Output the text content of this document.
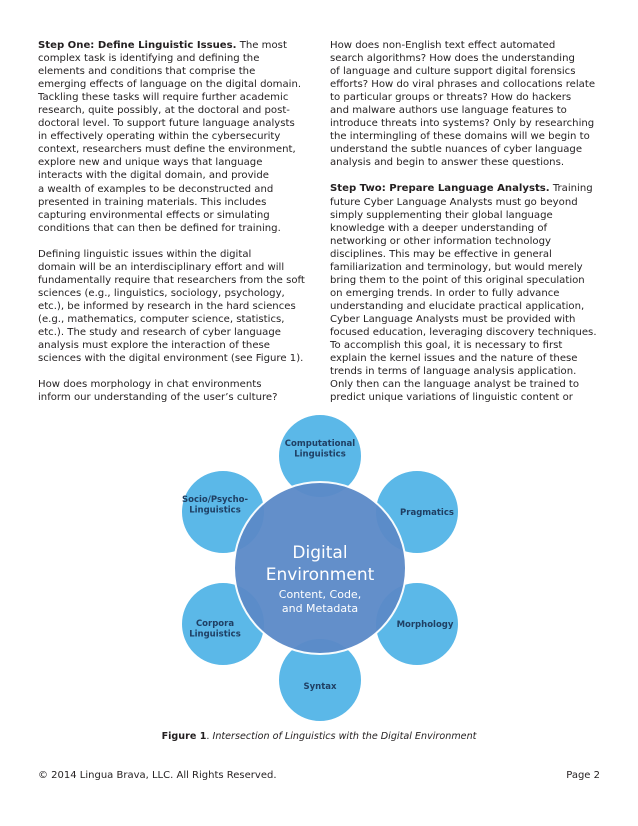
Step One: Define Linguistic Issues. The most
complex task is identifying and defining the
elements and conditions that comprise the
emerging effects of language on the digital domain.
Tackling these tasks will require further academic
research, quite possibly, at the doctoral and post-
doctoral level. To support future language analysts
in effectively operating within the cybersecurity
context, researchers must define the environment,
explore new and unique ways that language
interacts with the digital domain, and provide
a wealth of examples to be deconstructed and
presented in training materials. This includes
capturing environmental effects or simulating
conditions that can then be defined for training.

Defining linguistic issues within the digital
domain will be an interdisciplinary effort and will
fundamentally require that researchers from the soft
sciences (e.g., linguistics, sociology, psychology,
etc.), be informed by research in the hard sciences
(e.g., mathematics, computer science, statistics,
etc.). The study and research of cyber language
analysis must explore the interaction of these
sciences with the digital environment (see Figure 1).

How does morphology in chat environments
inform our understanding of the user’s culture?

How does non-English text effect automated
search algorithms? How does the understanding
of language and culture support digital forensics
efforts? How do viral phrases and collocations relate
to particular groups or threats? How do hackers
and malware authors use language features to
introduce threats into systems? Only by researching
the intermingling of these domains will we begin to
understand the subtle nuances of cyber language
analysis and begin to answer these questions.

Step Two: Prepare Language Analysts. Training
future Cyber Language Analysts must go beyond
simply supplementing their global language
knowledge with a deeper understanding of
networking or other information technology
disciplines. This may be effective in general
familiarization and terminology, but would merely
bring them to the point of this original speculation
on emerging trends. In order to fully advance
understanding and elucidate practical application,
Cyber Language Analysts must be provided with
focused education, leveraging discovery techniques.
To accomplish this goal, it is necessary to first
explain the kernel issues and the nature of these
trends in terms of language analysis application.
Only then can the language analyst be trained to
predict unique variations of linguistic content or

Computational Linguistics
Pragmatics
Morphology
Syntax
Corpora Linguistics
Socio/Psycho-Linguistics
Digital
Environment
Content, Code,
and Metadata
Figure 1. Intersection of Linguistics with the Digital Environment
© 2014 Lingua Brava, LLC. All Rights Reserved.	Page 2
